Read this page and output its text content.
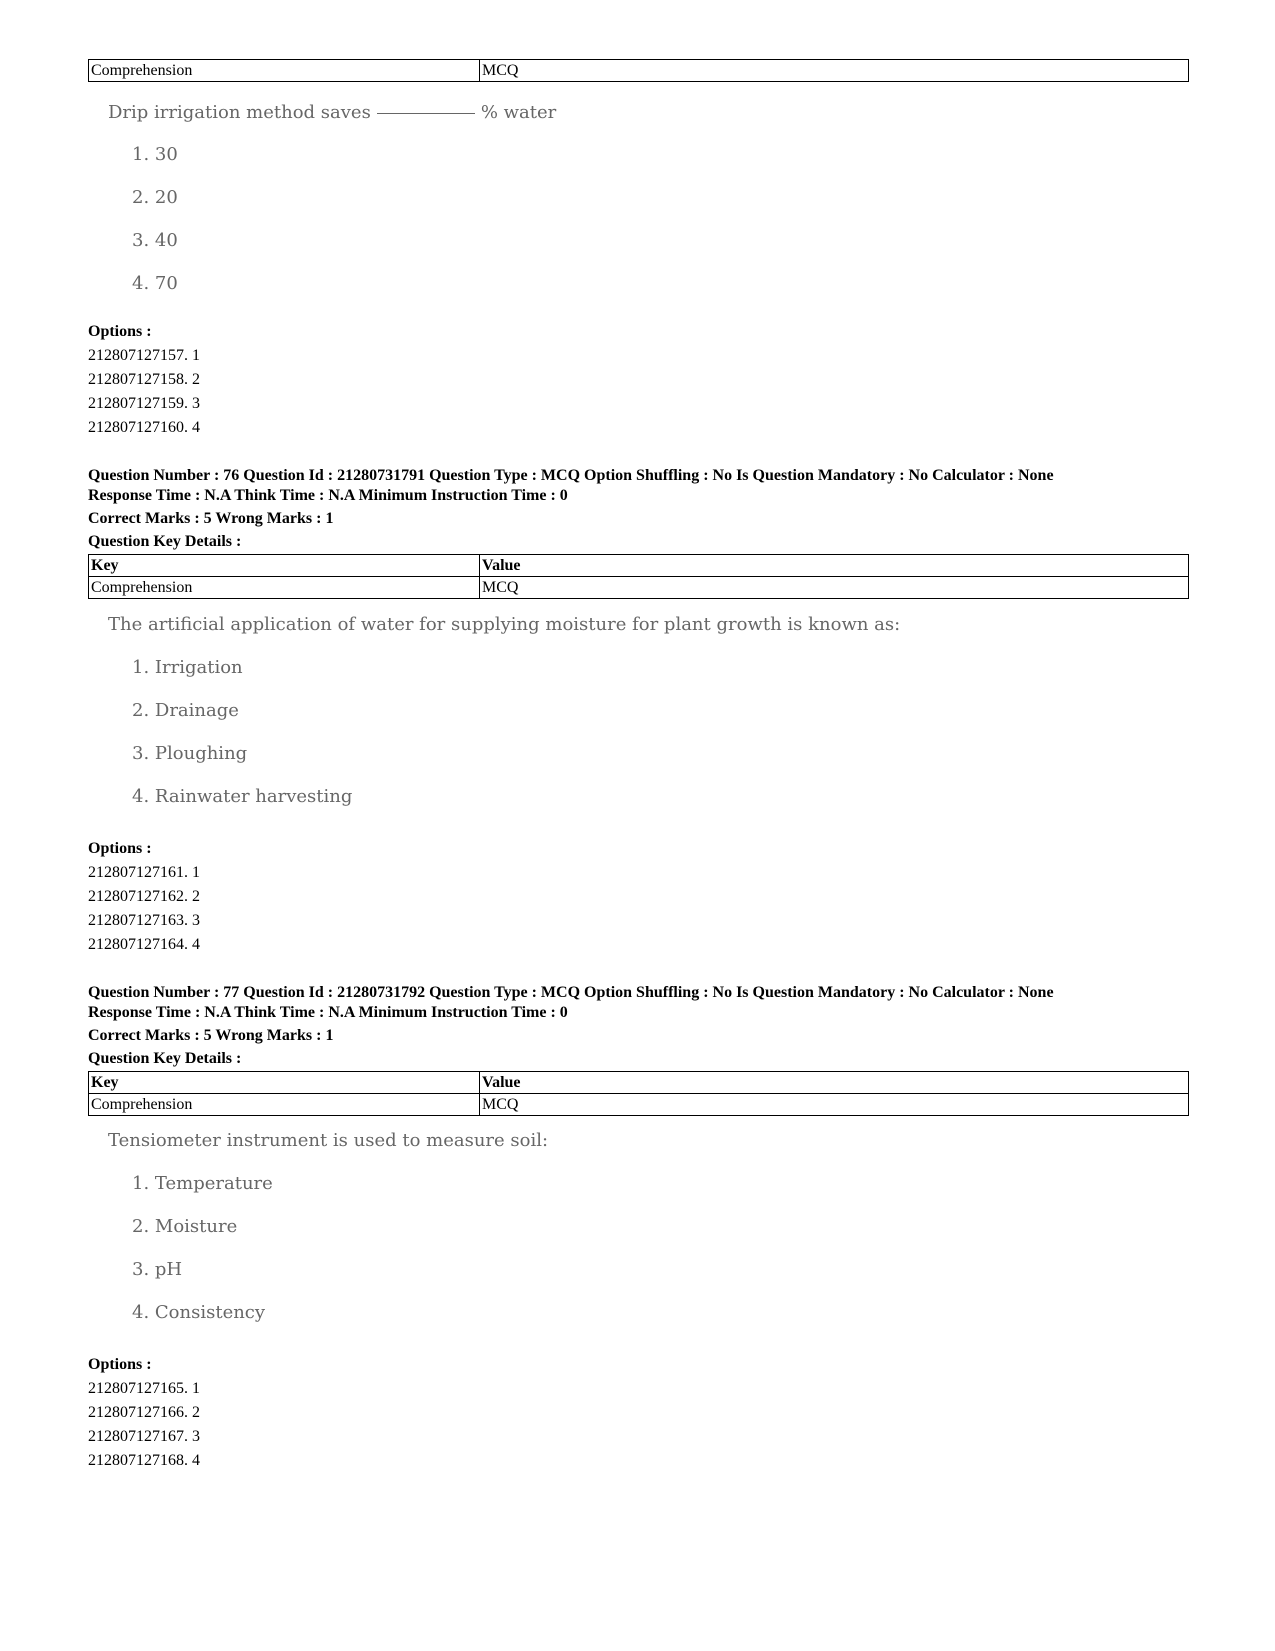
Comprehension	MCQ
Drip irrigation method saves	% water
1. 30
2. 20
3. 40
4. 70
Options :
212807127157. 1
212807127158. 2
212807127159. 3
212807127160. 4
Question Number : 76 Question Id : 21280731791 Question Type : MCQ Option Shuffling : No Is Question Mandatory : No Calculator : None
Response Time : N.A Think Time : N.A Minimum Instruction Time : 0
Correct Marks : 5 Wrong Marks : 1
Question Key Details :
Key	Value
Comprehension	MCQ
The artificial application of water for supplying moisture for plant growth is known as:
1. Irrigation
2. Drainage
3. Ploughing
4. Rainwater harvesting
Options :
212807127161. 1
212807127162. 2
212807127163. 3
212807127164. 4
Question Number : 77 Question Id : 21280731792 Question Type : MCQ Option Shuffling : No Is Question Mandatory : No Calculator : None
Response Time : N.A Think Time : N.A Minimum Instruction Time : 0
Correct Marks : 5 Wrong Marks : 1
Question Key Details :
Key	Value
Comprehension	MCQ
Tensiometer instrument is used to measure soil:
1. Temperature
2. Moisture
3. pH
4. Consistency
Options :
212807127165. 1
212807127166. 2
212807127167. 3
212807127168. 4
